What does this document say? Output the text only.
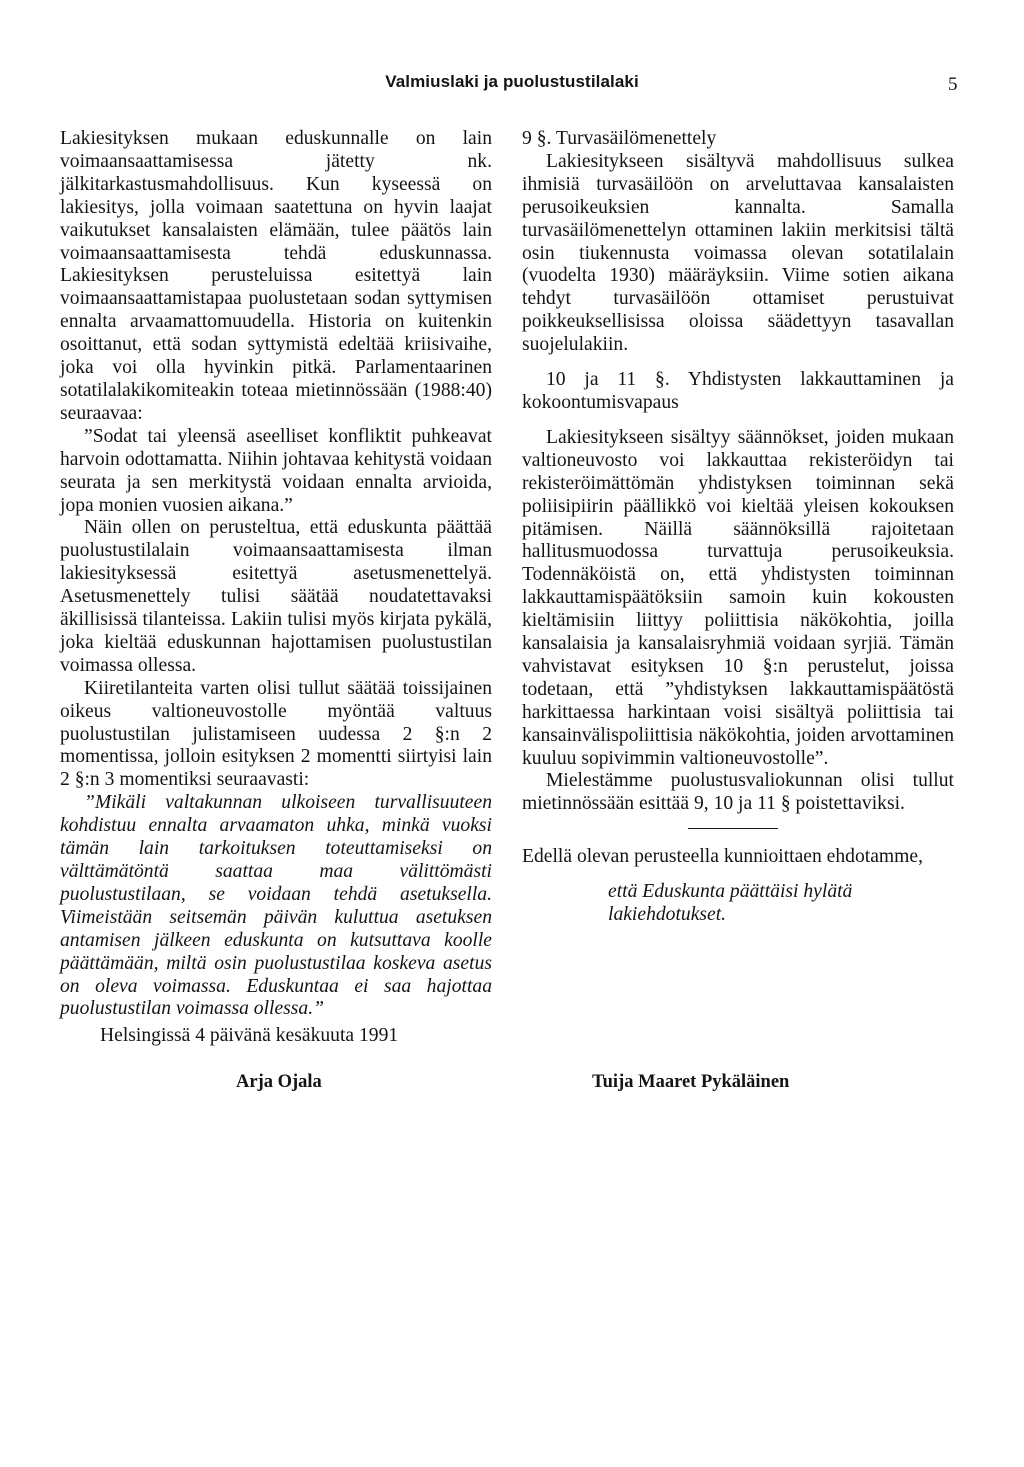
Valmiuslaki ja puolustustilalaki	5

Lakiesityksen mukaan eduskunnalle on lain voimaansaattamisessa jätetty nk. jälkitarkastusmahdollisuus. Kun kyseessä on lakiesitys, jolla voimaan saatettuna on hyvin laajat vaikutukset kansalaisten elämään, tulee päätös lain voimaansaattamisesta tehdä eduskunnassa. Lakiesityksen perusteluissa esitettyä lain voimaansaattamistapaa puolustetaan sodan syttymisen ennalta arvaamattomuudella. Historia on kuitenkin osoittanut, että sodan syttymistä edeltää kriisivaihe, joka voi olla hyvinkin pitkä. Parlamentaarinen sotatilalakikomiteakin toteaa mietinnössään (1988:40) seuraavaa:

”Sodat tai yleensä aseelliset konfliktit puhkeavat harvoin odottamatta. Niihin johtavaa kehitystä voidaan seurata ja sen merkitystä voidaan ennalta arvioida, jopa monien vuosien aikana.”

Näin ollen on perusteltua, että eduskunta päättää puolustustilalain voimaansaattamisesta ilman lakiesityksessä esitettyä asetusmenettelyä. Asetusmenettely tulisi säätää noudatettavaksi äkillisissä tilanteissa. Lakiin tulisi myös kirjata pykälä, joka kieltää eduskunnan hajottamisen puolustustilan voimassa ollessa.

Kiiretilanteita varten olisi tullut säätää toissijainen oikeus valtioneuvostolle myöntää valtuus puolustustilan julistamiseen uudessa 2 §:n 2 momentissa, jolloin esityksen 2 momentti siirtyisi lain 2 §:n 3 momentiksi seuraavasti:

”Mikäli valtakunnan ulkoiseen turvallisuuteen kohdistuu ennalta arvaamaton uhka, minkä vuoksi tämän lain tarkoituksen toteuttamiseksi on välttämätöntä saattaa maa välittömästi puolustustilaan, se voidaan tehdä asetuksella. Viimeistään seitsemän päivän kuluttua asetuksen antamisen jälkeen eduskunta on kutsuttava koolle päättämään, miltä osin puolustustilaa koskeva asetus on oleva voimassa. Eduskuntaa ei saa hajottaa puolustustilan voimassa ollessa.”

9 §. Turvasäilömenettely

Lakiesitykseen sisältyvä mahdollisuus sulkea ihmisiä turvasäilöön on arveluttavaa kansalaisten perusoikeuksien kannalta. Samalla turvasäilömenettelyn ottaminen lakiin merkitsisi tältä osin tiukennusta voimassa olevan sotatilalain (vuodelta 1930) määräyksiin. Viime sotien aikana tehdyt turvasäilöön ottamiset perustuivat poikkeuksellisissa oloissa säädettyyn tasavallan suojelulakiin.

10 ja 11 §. Yhdistysten lakkauttaminen ja kokoontumisvapaus

Lakiesitykseen sisältyy säännökset, joiden mukaan valtioneuvosto voi lakkauttaa rekisteröidyn tai rekisteröimättömän yhdistyksen toiminnan sekä poliisipiirin päällikkö voi kieltää yleisen kokouksen pitämisen. Näillä säännöksillä rajoitetaan hallitusmuodossa turvattuja perusoikeuksia. Todennäköistä on, että yhdistysten toiminnan lakkauttamispäätöksiin samoin kuin kokousten kieltämisiin liittyy poliittisia näkökohtia, joilla kansalaisia ja kansalaisryhmiä voidaan syrjiä. Tämän vahvistavat esityksen 10 §:n perustelut, joissa todetaan, että ”yhdistyksen lakkauttamispäätöstä harkittaessa harkintaan voisi sisältyä poliittisia tai kansainvälispoliittisia näkökohtia, joiden arvottaminen kuuluu sopivimmin valtioneuvostolle”.

Mielestämme puolustusvaliokunnan olisi tullut mietinnössään esittää 9, 10 ja 11 § poistettaviksi.

Edellä olevan perusteella kunnioittaen ehdotamme,

että Eduskunta päättäisi hylätä lakiehdotukset.

Helsingissä 4 päivänä kesäkuuta 1991
Arja Ojala	Tuija Maaret Pykäläinen
